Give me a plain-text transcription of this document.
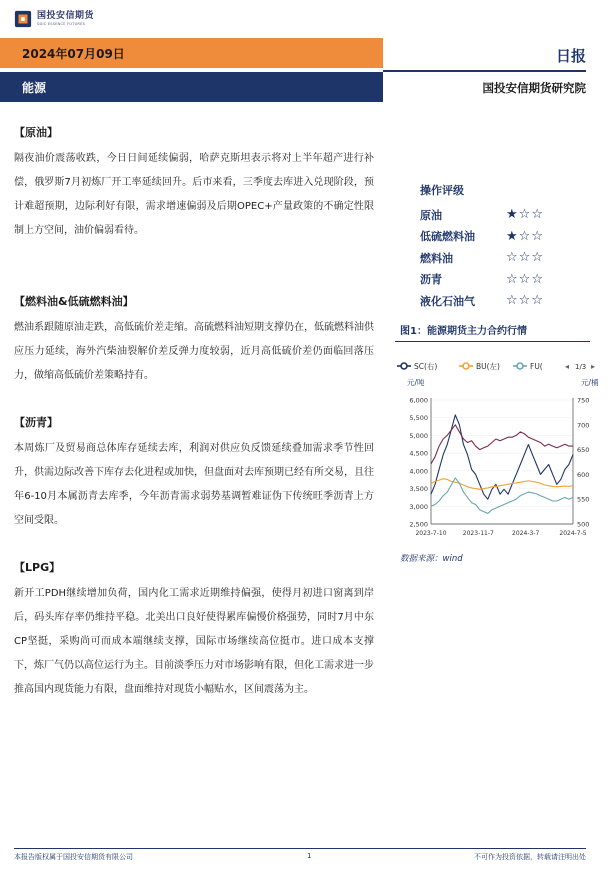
国投安信期货
SDIC ESSENCE FUTURES
2024年07月09日
能源
日报
国投安信期货研究院
【原油】
隔夜油价震荡收跌，今日日间延续偏弱，哈萨克斯坦表示将对上半年超产进行补偿，俄罗斯7月初炼厂开工率延续回升。后市来看，三季度去库进入兑现阶段，预计难超预期，边际利好有限，需求增速偏弱及后期OPEC+产量政策的不确定性限制上方空间，油价偏弱看待。
【燃料油&低硫燃料油】
燃油系跟随原油走跌，高低硫价差走缩。高硫燃料油短期支撑仍在，低硫燃料油供应压力延续，海外汽柴油裂解价差反弹力度较弱，近月高低硫价差仍面临回落压力，做缩高低硫价差策略持有。
【沥青】
本周炼厂及贸易商总体库存延续去库，利润对供应负反馈延续叠加需求季节性回升，供需边际改善下库存去化进程或加快，但盘面对去库预期已经有所交易，且往年6-10月本属沥青去库季，今年沥青需求弱势基调暂难证伪下传统旺季沥青上方空间受限。
【LPG】
新开工PDH继续增加负荷，国内化工需求近期维持偏强，使得月初进口窗离到岸后，码头库存率仍维持平稳。北美出口良好使得累库偏慢价格强势，同时7月中东CP坚挺，采购尚可而成本端继续支撑，国际市场继续高位挺市。进口成本支撑下，炼厂气仍以高位运行为主。目前淡季压力对市场影响有限，但化工需求进一步推高国内现货能力有限，盘面维持对现货小幅贴水，区间震荡为主。
操作评级
原油	★ ☆ ☆
低硫燃料油	★ ☆ ☆
燃料油	☆ ☆ ☆
沥青	☆ ☆ ☆
液化石油气	☆ ☆ ☆
图1：能源期货主力合约行情
SC(右)	BU(左)	FU(	◂ 1/3 ▸
元/吨	元/桶
6,000
5,500
5,000
4,500
4,000
3,500
3,000
2,500
750
700
650
600
550
500
2023-7-10	2023-11-7	2024-3-7	2024-7-5
数据来源：wind
本报告版权属于国投安信期货有限公司	1	不可作为投资依据，转载请注明出处
